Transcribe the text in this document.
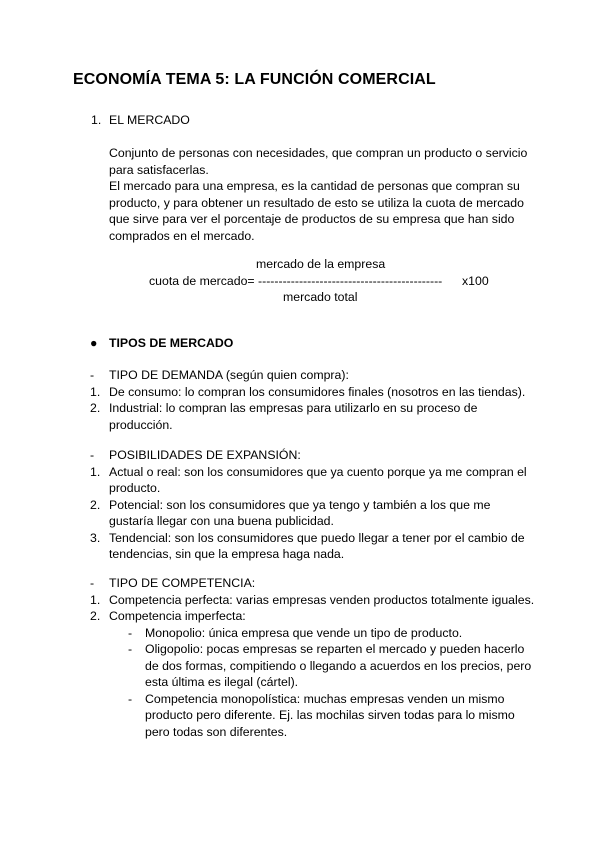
ECONOMÍA TEMA 5: LA FUNCIÓN COMERCIAL
1. EL MERCADO
Conjunto de personas con necesidades, que compran un producto o servicio
para satisfacerlas.
El mercado para una empresa, es la cantidad de personas que compran su
producto, y para obtener un resultado de esto se utiliza la cuota de mercado
que sirve para ver el porcentaje de productos de su empresa que han sido
comprados en el mercado.
mercado de la empresa
cuota de mercado= --------------------------------------------- x100
mercado total
● TIPOS DE MERCADO
- TIPO DE DEMANDA (según quien compra):
1. De consumo: lo compran los consumidores finales (nosotros en las tiendas).
2. Industrial: lo compran las empresas para utilizarlo en su proceso de
producción.
- POSIBILIDADES DE EXPANSIÓN:
1. Actual o real: son los consumidores que ya cuento porque ya me compran el
producto.
2. Potencial: son los consumidores que ya tengo y también a los que me
gustaría llegar con una buena publicidad.
3. Tendencial: son los consumidores que puedo llegar a tener por el cambio de
tendencias, sin que la empresa haga nada.
- TIPO DE COMPETENCIA:
1. Competencia perfecta: varias empresas venden productos totalmente iguales.
2. Competencia imperfecta:
- Monopolio: única empresa que vende un tipo de producto.
- Oligopolio: pocas empresas se reparten el mercado y pueden hacerlo
de dos formas, compitiendo o llegando a acuerdos en los precios, pero
esta última es ilegal (cártel).
- Competencia monopolística: muchas empresas venden un mismo
producto pero diferente. Ej. las mochilas sirven todas para lo mismo
pero todas son diferentes.
